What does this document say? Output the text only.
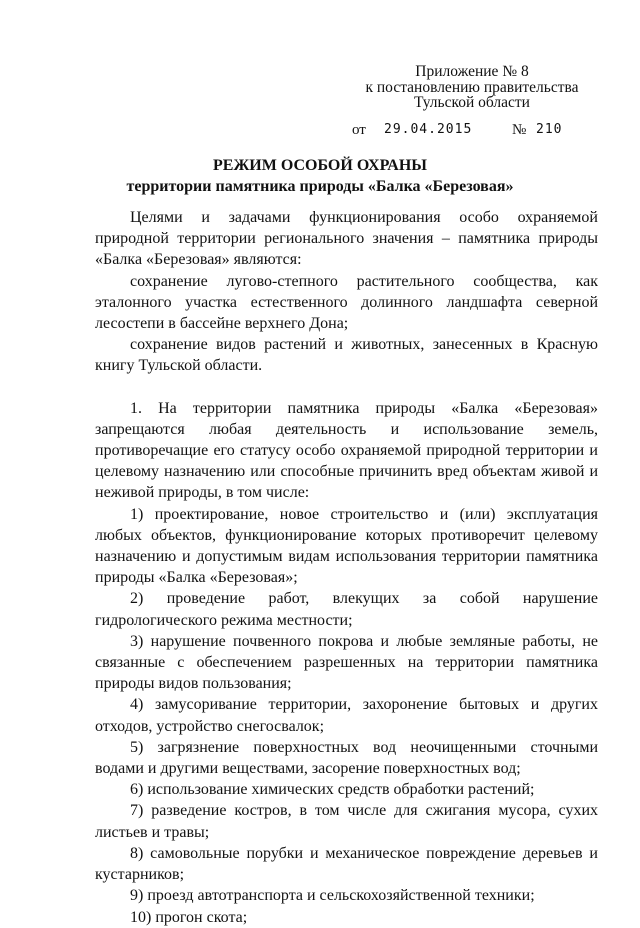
Приложение № 8
к постановлению правительства
Тульской области
от 29.04.2015	№ 210
РЕЖИМ ОСОБОЙ ОХРАНЫ
территории памятника природы «Балка «Березовая»

Целями и задачами функционирования особо охраняемой природной территории регионального значения – памятника природы «Балка «Березовая» являются:

сохранение лугово-степного растительного сообщества, как эталонного участка естественного долинного ландшафта северной лесостепи в бассейне верхнего Дона;

сохранение видов растений и животных, занесенных в Красную книгу Тульской области.

1. На территории памятника природы «Балка «Березовая» запрещаются любая деятельность и использование земель, противоречащие его статусу особо охраняемой природной территории и целевому назначению или способные причинить вред объектам живой и неживой природы, в том числе:

1) проектирование, новое строительство и (или) эксплуатация любых объектов, функционирование которых противоречит целевому назначению и допустимым видам использования территории памятника природы «Балка «Березовая»;

2) проведение работ, влекущих за собой нарушение гидрологического режима местности;

3) нарушение почвенного покрова и любые земляные работы, не связанные с обеспечением разрешенных на территории памятника природы видов пользования;

4) замусоривание территории, захоронение бытовых и других отходов, устройство снегосвалок;

5) загрязнение поверхностных вод неочищенными сточными водами и другими веществами, засорение поверхностных вод;

6) использование химических средств обработки растений;

7) разведение костров, в том числе для сжигания мусора, сухих листьев и травы;

8) самовольные порубки и механическое повреждение деревьев и кустарников;

9) проезд автотранспорта и сельскохозяйственной техники;

10) прогон скота;
